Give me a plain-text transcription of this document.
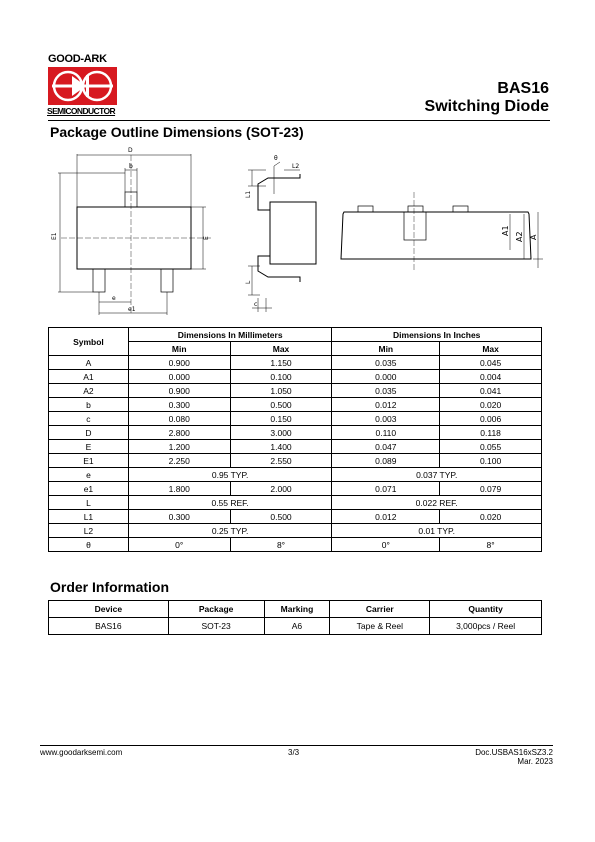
GOOD-ARK
SEMICONDUCTOR
BAS16
Switching Diode
Package Outline Dimensions (SOT-23)
D
b
E1	E
e
e1
θ
L2
L1
L
c
A1
A2 A
Symbol	Dimensions In Millimeters		Dimensions In Inches	
	Min	Max	Min	Max
A	0.900	1.150	0.035	0.045
A1	0.000	0.100	0.000	0.004
A2	0.900	1.050	0.035	0.041
b	0.300	0.500	0.012	0.020
c	0.080	0.150	0.003	0.006
D	2.800	3.000	0.110	0.118
E	1.200	1.400	0.047	0.055
E1	2.250	2.550	0.089	0.100
e	0.95 TYP.		0.037 TYP.	
e1	1.800	2.000	0.071	0.079
L	0.55 REF.		0.022 REF.	
L1	0.300	0.500	0.012	0.020
L2	0.25 TYP.		0.01 TYP.	
θ	0°	8°	0°	8°
Order Information
Device	Package	Marking	Carrier	Quantity
BAS16	SOT-23	A6	Tape & Reel	3,000pcs / Reel
www.goodarksemi.com	3/3	Doc.USBAS16xSZ3.2
Mar. 2023
